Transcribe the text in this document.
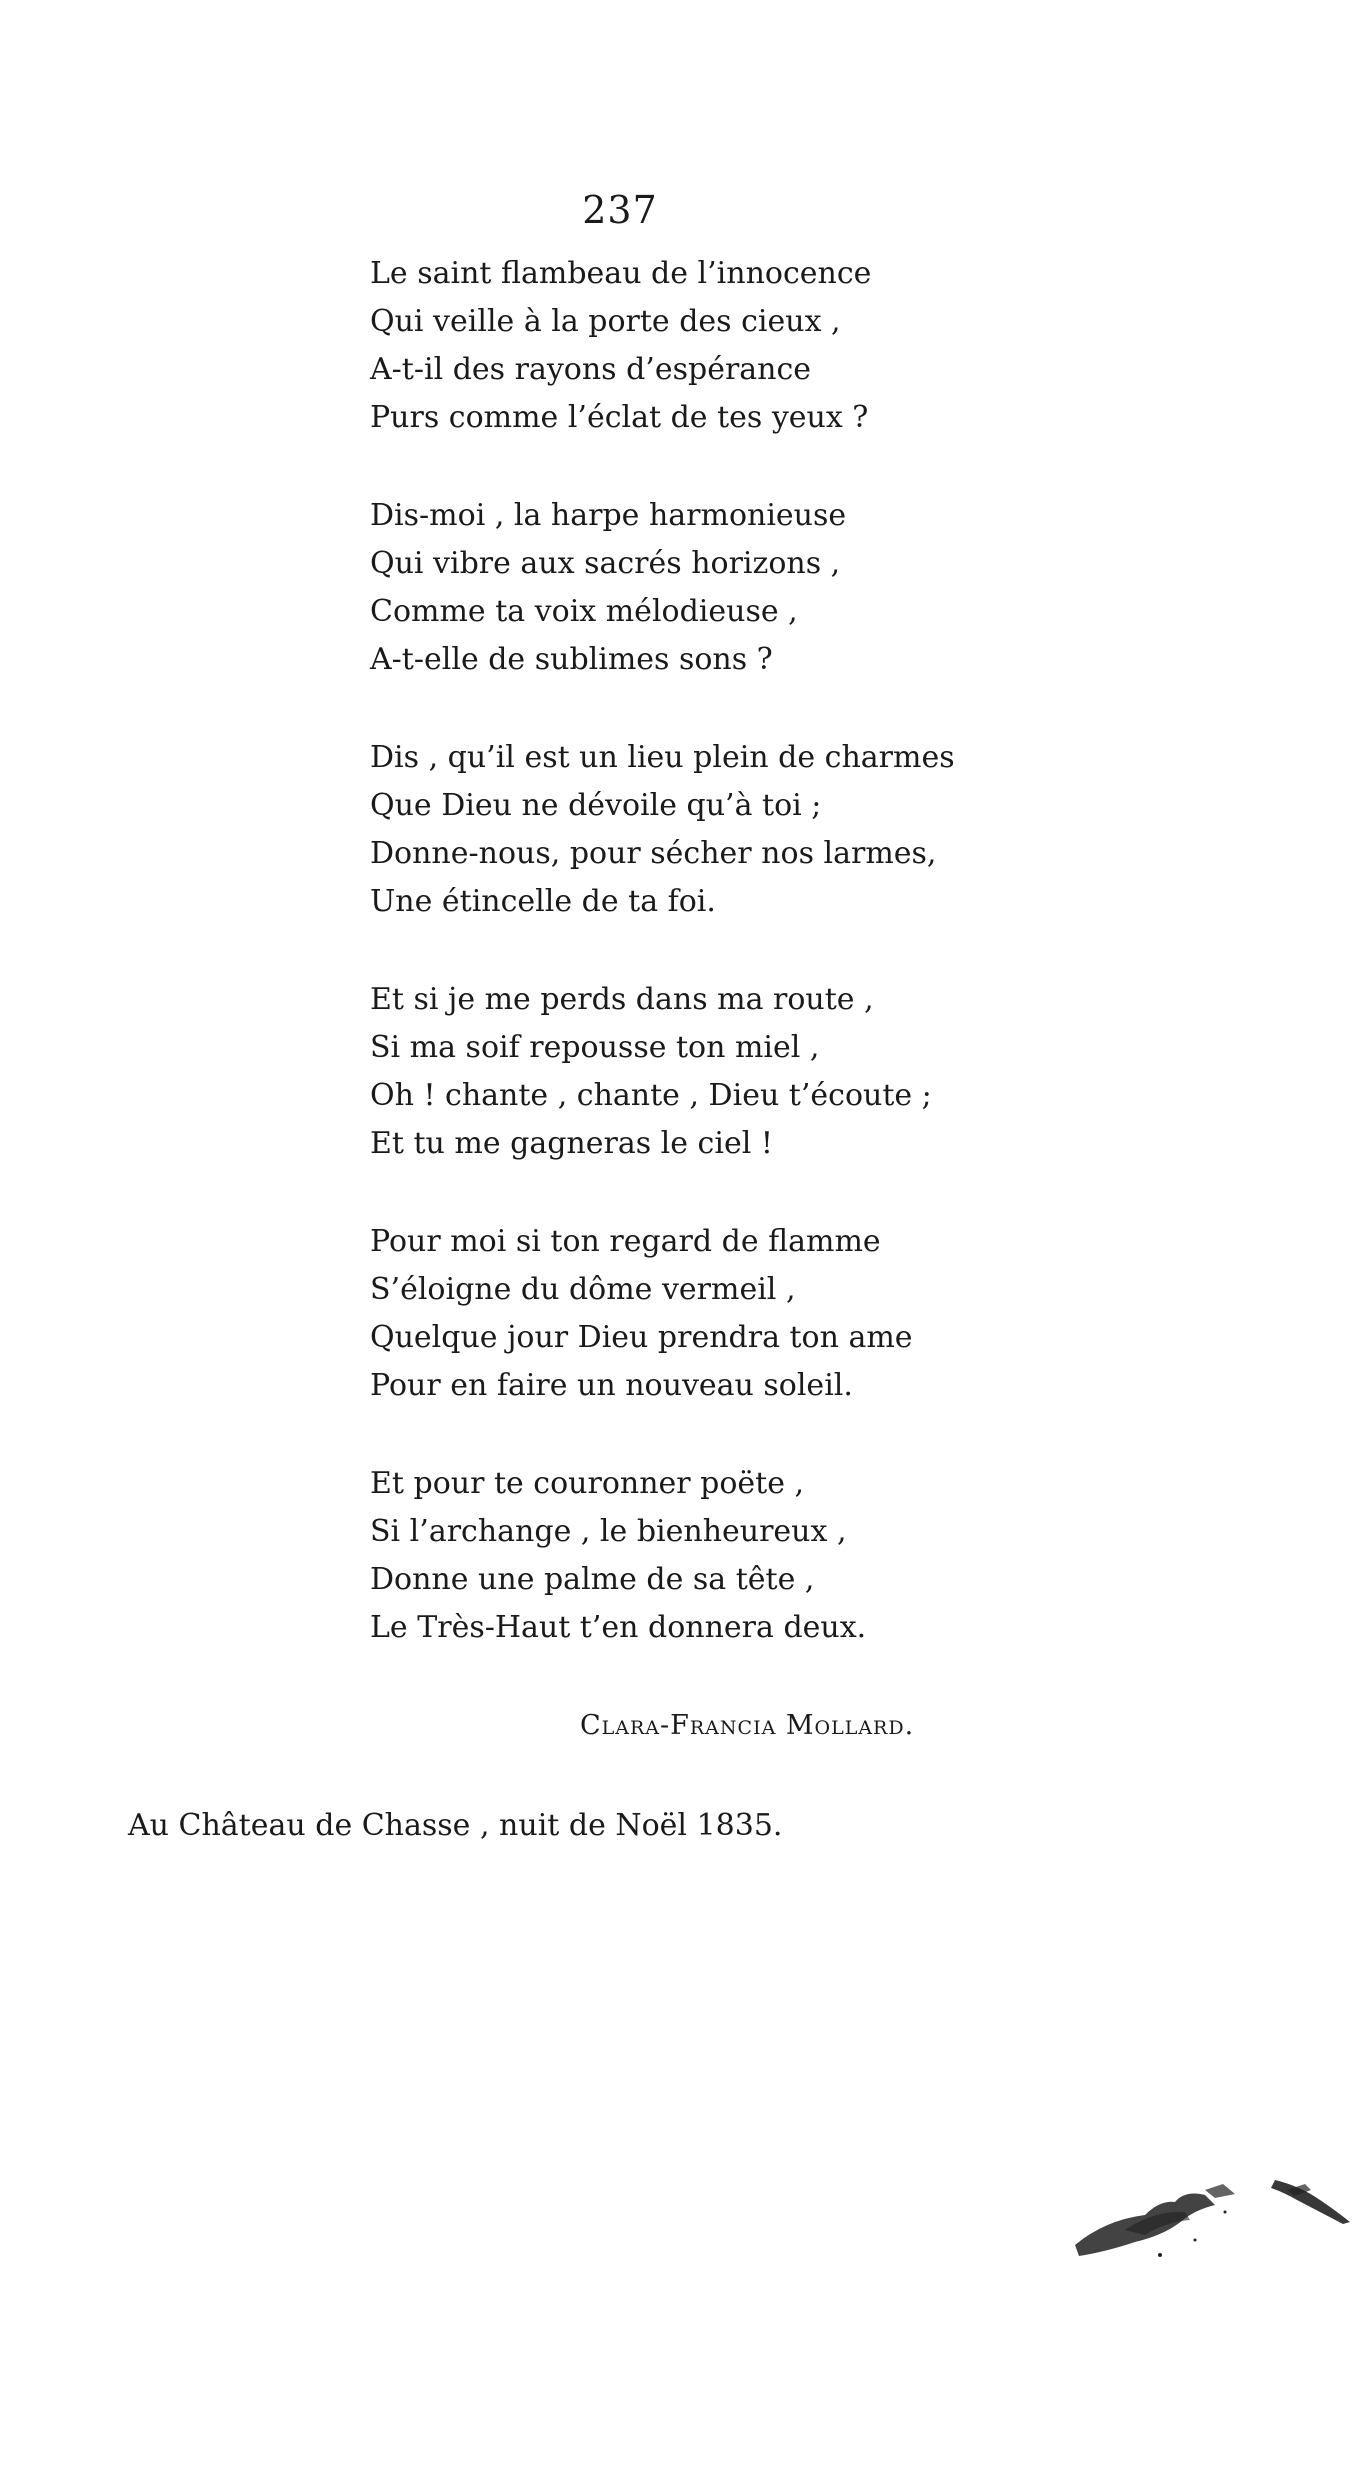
237
Le saint flambeau de l’innocence
Qui veille à la porte des cieux ,
A-t-il des rayons d’espérance
Purs comme l’éclat de tes yeux ?
Dis-moi , la harpe harmonieuse
Qui vibre aux sacrés horizons ,
Comme ta voix mélodieuse ,
A-t-elle de sublimes sons ?
Dis , qu’il est un lieu plein de charmes
Que Dieu ne dévoile qu’à toi ;
Donne-nous, pour sécher nos larmes,
Une étincelle de ta foi.
Et si je me perds dans ma route ,
Si ma soif repousse ton miel ,
Oh ! chante , chante , Dieu t’écoute ;
Et tu me gagneras le ciel !
Pour moi si ton regard de flamme
S’éloigne du dôme vermeil ,
Quelque jour Dieu prendra ton ame
Pour en faire un nouveau soleil.
Et pour te couronner poëte ,
Si l’archange , le bienheureux ,
Donne une palme de sa tête ,
Le Très-Haut t’en donnera deux.
Clara-Francia Mollard.
Au Château de Chasse , nuit de Noël 1835.
